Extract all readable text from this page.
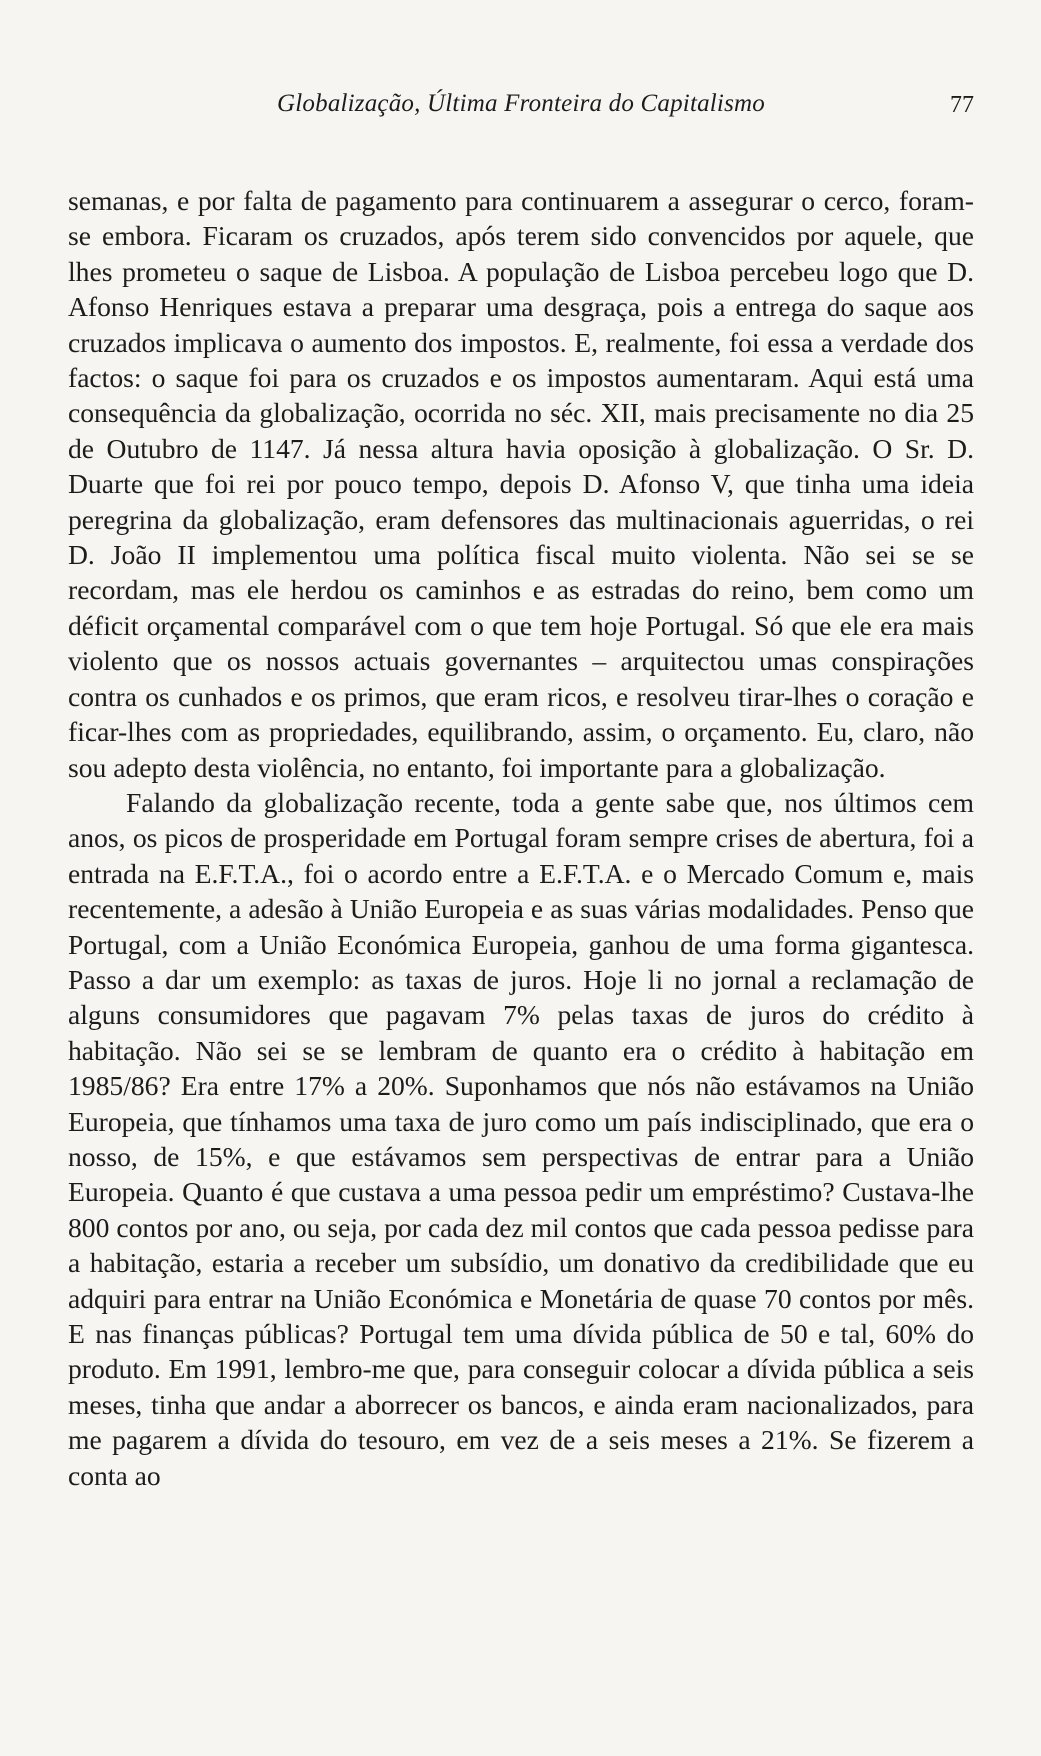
Globalização, Última Fronteira do Capitalismo	77

semanas, e por falta de pagamento para continuarem a assegurar o cerco, foram-se embora. Ficaram os cruzados, após terem sido convencidos por aquele, que lhes prometeu o saque de Lisboa. A população de Lisboa percebeu logo que D. Afonso Henriques estava a preparar uma desgraça, pois a entrega do saque aos cruzados implicava o aumento dos impostos. E, realmente, foi essa a verdade dos factos: o saque foi para os cruzados e os impostos aumentaram. Aqui está uma consequência da globalização, ocorrida no séc. XII, mais precisamente no dia 25 de Outubro de 1147. Já nessa altura havia oposição à globalização. O Sr. D. Duarte que foi rei por pouco tempo, depois D. Afonso V, que tinha uma ideia peregrina da globalização, eram defensores das multinacionais aguerridas, o rei D. João II implementou uma política fiscal muito violenta. Não sei se se recordam, mas ele herdou os caminhos e as estradas do reino, bem como um déficit orçamental comparável com o que tem hoje Portugal. Só que ele era mais violento que os nossos actuais governantes – arquitectou umas conspirações contra os cunhados e os primos, que eram ricos, e resolveu tirar-lhes o coração e ficar-lhes com as propriedades, equilibrando, assim, o orçamento. Eu, claro, não sou adepto desta violência, no entanto, foi importante para a globalização.

Falando da globalização recente, toda a gente sabe que, nos últimos cem anos, os picos de prosperidade em Portugal foram sempre crises de abertura, foi a entrada na E.F.T.A., foi o acordo entre a E.F.T.A. e o Mercado Comum e, mais recentemente, a adesão à União Europeia e as suas várias modalidades. Penso que Portugal, com a União Económica Europeia, ganhou de uma forma gigantesca. Passo a dar um exemplo: as taxas de juros. Hoje li no jornal a reclamação de alguns consumidores que pagavam 7% pelas taxas de juros do crédito à habitação. Não sei se se lembram de quanto era o crédito à habitação em 1985/86? Era entre 17% a 20%. Suponhamos que nós não estávamos na União Europeia, que tínhamos uma taxa de juro como um país indisciplinado, que era o nosso, de 15%, e que estávamos sem perspectivas de entrar para a União Europeia. Quanto é que custava a uma pessoa pedir um empréstimo? Custava-lhe 800 contos por ano, ou seja, por cada dez mil contos que cada pessoa pedisse para a habitação, estaria a receber um subsídio, um donativo da credibilidade que eu adquiri para entrar na União Económica e Monetária de quase 70 contos por mês. E nas finanças públicas? Portugal tem uma dívida pública de 50 e tal, 60% do produto. Em 1991, lembro-me que, para conseguir colocar a dívida pública a seis meses, tinha que andar a aborrecer os bancos, e ainda eram nacionalizados, para me pagarem a dívida do tesouro, em vez de a seis meses a 21%. Se fizerem a conta ao
